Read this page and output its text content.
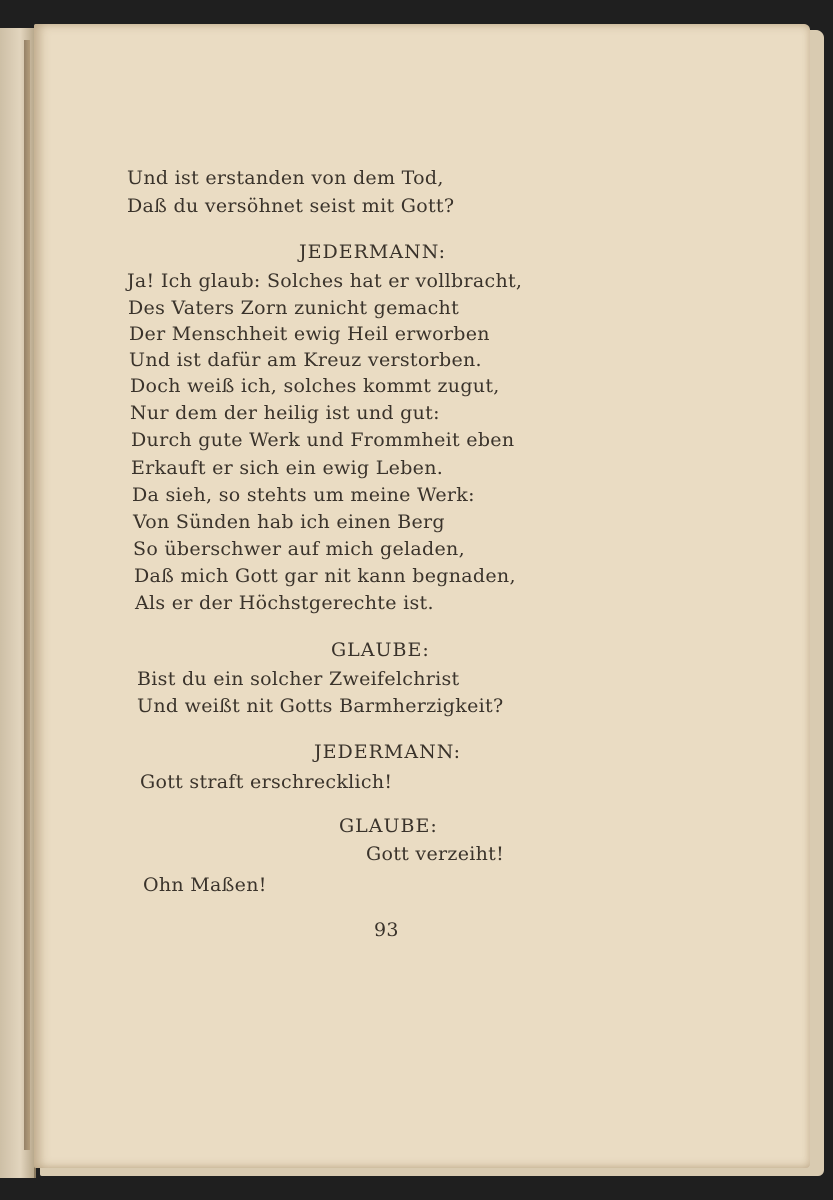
Und ist erstanden von dem Tod,
Daß du versöhnet seist mit Gott?
JEDERMANN:
Ja! Ich glaub: Solches hat er vollbracht,
Des Vaters Zorn zunicht gemacht
Der Menschheit ewig Heil erworben
Und ist dafür am Kreuz verstorben.
Doch weiß ich, solches kommt zugut,
Nur dem der heilig ist und gut:
Durch gute Werk und Frommheit eben
Erkauft er sich ein ewig Leben.
Da sieh, so stehts um meine Werk:
Von Sünden hab ich einen Berg
So überschwer auf mich geladen,
Daß mich Gott gar nit kann begnaden,
Als er der Höchstgerechte ist.
GLAUBE:
Bist du ein solcher Zweifelchrist
Und weißt nit Gotts Barmherzigkeit?
JEDERMANN:
Gott straft erschrecklich!
GLAUBE:
Gott verzeiht!
Ohn Maßen!
93
